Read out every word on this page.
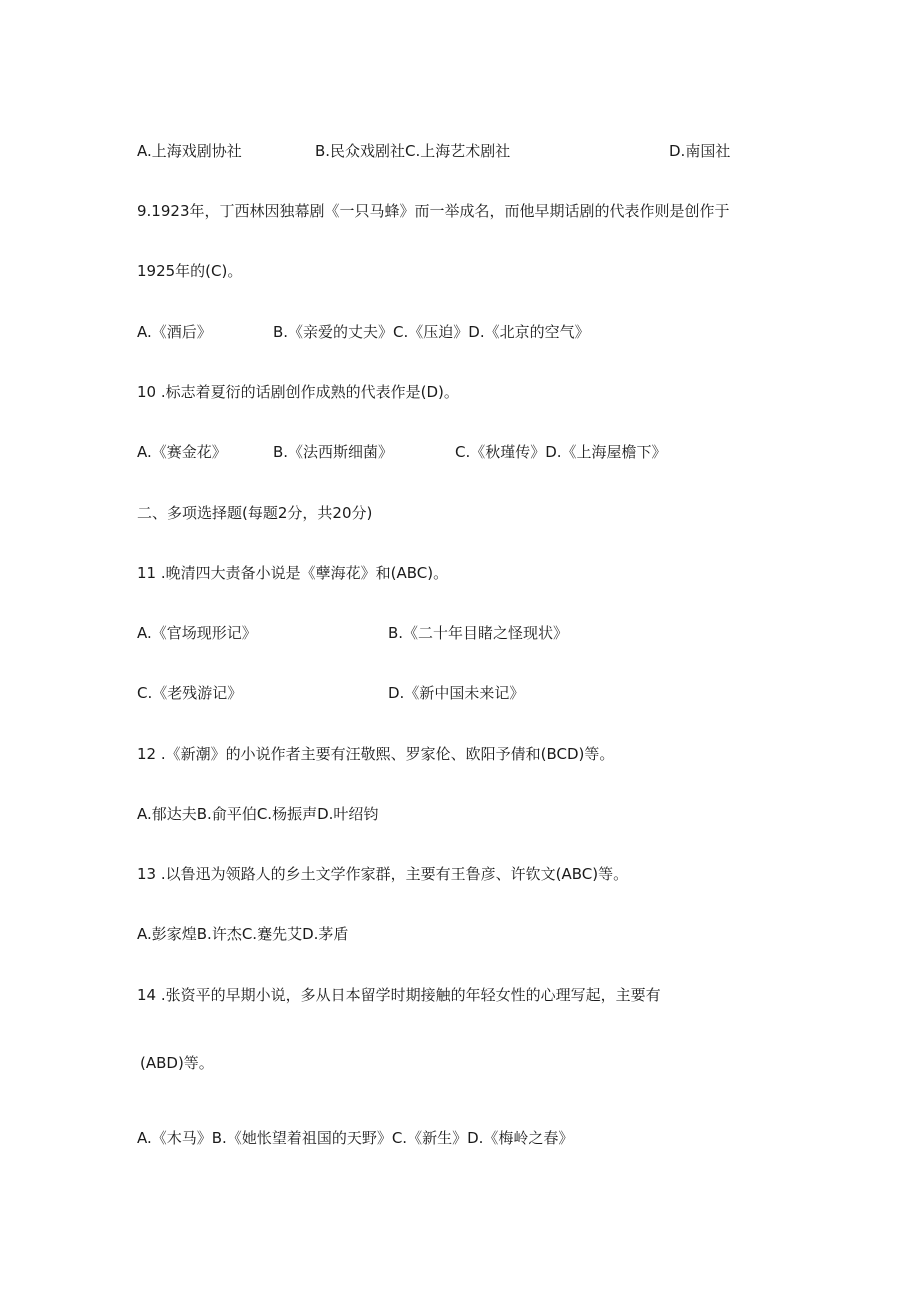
A.上海戏剧协社	B.民众戏剧社C.上海艺术剧社	D.南国社
9.1923年，丁西林因独幕剧《一只马蜂》而一举成名，而他早期话剧的代表作则是创作于
1925年的(C)。
A.《酒后》	B.《亲爱的丈夫》C.《压迫》D.《北京的空气》
10 .标志着夏衍的话剧创作成熟的代表作是(D)。
A.《赛金花》	B.《法西斯细菌》	C.《秋瑾传》D.《上海屋檐下》
二、多项选择题(每题2分，共20分)
11 .晚清四大责备小说是《孽海花》和(ABC)。
A.《官场现形记》	B.《二十年目睹之怪现状》
C.《老残游记》	D.《新中国未来记》
12 .《新潮》的小说作者主要有汪敬熙、罗家伦、欧阳予倩和(BCD)等。
A.郁达夫B.俞平伯C.杨振声D.叶绍钧
13 .以鲁迅为领路人的乡土文学作家群，主要有王鲁彦、许钦文(ABC)等。
A.彭家煌B.许杰C.蹇先艾D.茅盾
14 .张资平的早期小说，多从日本留学时期接触的年轻女性的心理写起，主要有
(ABD)等。
A.《木马》B.《她怅望着祖国的天野》C.《新生》D.《梅岭之春》
